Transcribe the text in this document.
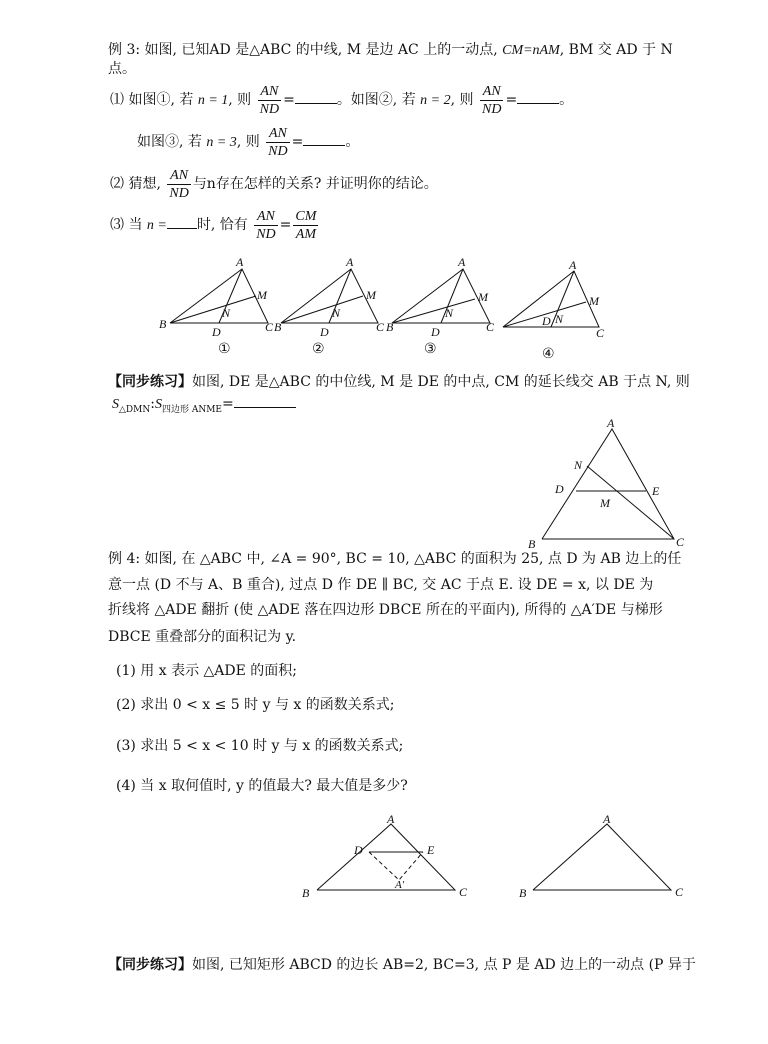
例 3: 如图, 已知AD 是△ABC 的中线, M 是边 AC 上的一动点, CM=nAM, BM 交 AD 于 N
点。
⑴ 如图①, 若 n = 1, 则 $\frac{AN}{ND}$ =	。如图②, 若 n = 2, 则 $\frac{AN}{ND}$ =	。
如图③, 若 n = 3, 则 $\frac{AN}{ND}$ =	。
⑵ 猜想, $\frac{AN}{ND}$ 与n存在怎样的关系? 并证明你的结论。
⑶ 当 n = 时, 恰有 $\frac{AN}{ND} = \frac{CM}{AM}$
A
M
N
B
D	C
①
A
M
N
B	D	C
②
A
M
N
B	D	C
③
A
M
N
D
C
④
【同步练习】如图, DE 是△ABC 的中位线, M 是 DE 的中点, CM 的延长线交 AB 于点 N, 则
$S_{\triangle DMN}:S_{四边形 ANME}=$
A
N
D	E
M
B	C
例 4: 如图, 在 △ABC 中, ∠A = 90°, BC = 10, △ABC 的面积为 25, 点 D 为 AB 边上的任
意一点 (D 不与 A、B 重合), 过点 D 作 DE ∥ BC, 交 AC 于点 E. 设 DE = x, 以 DE 为
折线将 △ADE 翻折 (使 △ADE 落在四边形 DBCE 所在的平面内), 所得的 △A′DE 与梯形
DBCE 重叠部分的面积记为 y.
(1) 用 x 表示 △ADE 的面积;
(2) 求出 0 < x ≤ 5 时 y 与 x 的函数关系式;
(3) 求出 5 < x < 10 时 y 与 x 的函数关系式;
(4) 当 x 取何值时, y 的值最大? 最大值是多少?
A
D	E
A′
B	C
A
B	C
【同步练习】如图, 已知矩形 ABCD 的边长 AB=2, BC=3, 点 P 是 AD 边上的一动点 (P 异于
